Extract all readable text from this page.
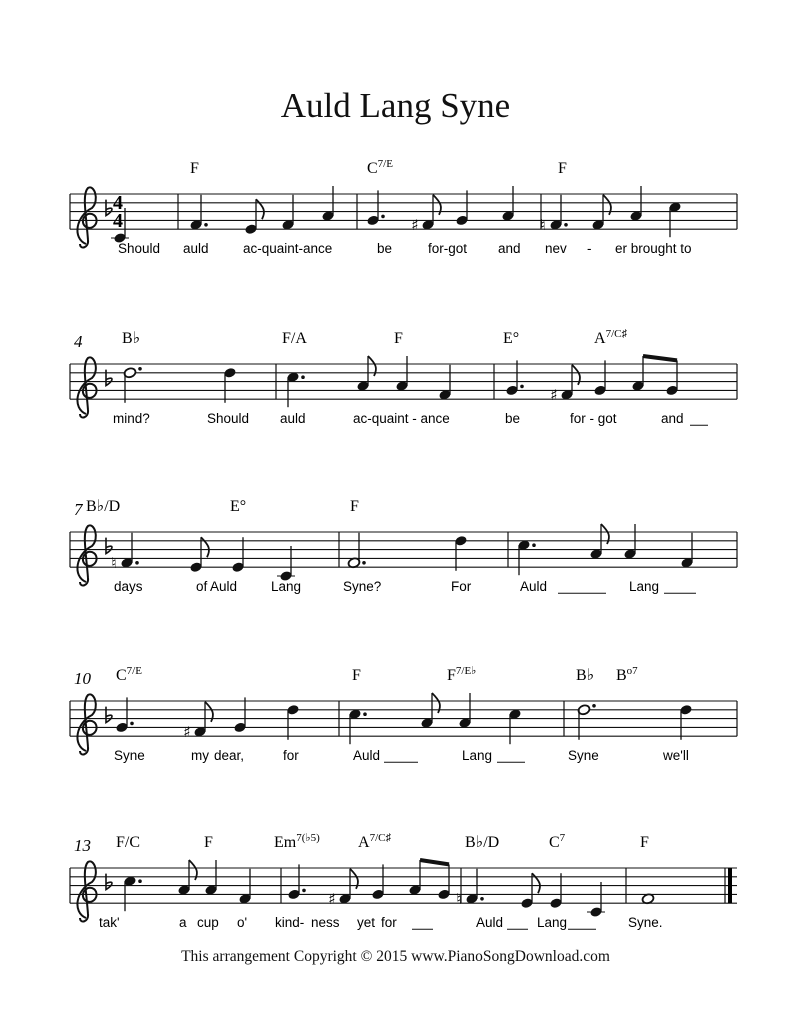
Auld Lang Syne
4
4
F	$C^{7/E}$	F
Should auld	ac-quaint-ance	be	for-got and nev - er brought to
♯	♮
4 B♭	F/A	F	E°	$A^{7/C♯}$
mind?	Should auld	ac-quaint - ance	be	for - got	and
♯
7 B♭/D	E°	F
days	of Auld	Lang	Syne?	For	Auld	Lang
♮
10 $C^{7/E}$	F	$F^{7/E♭}$	B♭ $B^{o7}$
Syne	my dear,	for	Auld	Lang	Syne	we'll
♯
13 F/C	F	$Em^{7(♭5)}$ $A^{7/C♯}$	B♭/D	$C^7$	F
tak'	a cup o' kind- ness yet for	Auld	Lang	Syne.
♯	♮
This arrangement Copyright © 2015 www.PianoSongDownload.com
